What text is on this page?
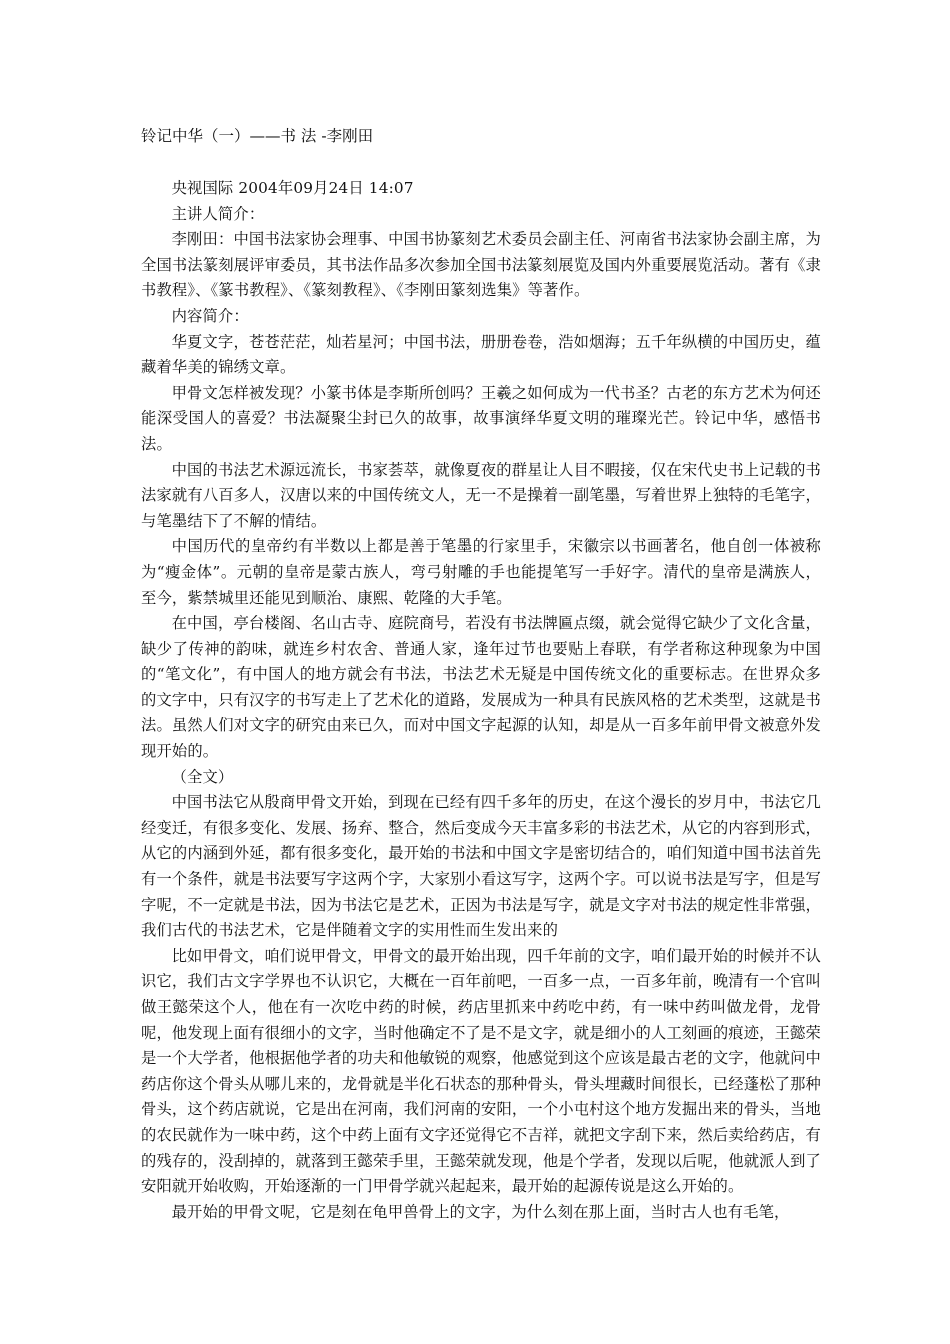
铃记中华（一）——书 法 -李刚田

央视国际 2004年09月24日 14:07

主讲人简介：

李刚田：中国书法家协会理事、中国书协篆刻艺术委员会副主任、河南省书法家协会副主席，为全国书法篆刻展评审委员，其书法作品多次参加全国书法篆刻展览及国内外重要展览活动。著有《隶书教程》、《篆书教程》、《篆刻教程》、《李刚田篆刻选集》等著作。

内容简介：

华夏文字，苍苍茫茫，灿若星河；中国书法，册册卷卷，浩如烟海；五千年纵横的中国历史，蕴藏着华美的锦绣文章。

甲骨文怎样被发现？小篆书体是李斯所创吗？王羲之如何成为一代书圣？古老的东方艺术为何还能深受国人的喜爱？书法凝聚尘封已久的故事，故事演绎华夏文明的璀璨光芒。铃记中华，感悟书法。

中国的书法艺术源远流长，书家荟萃，就像夏夜的群星让人目不暇接，仅在宋代史书上记载的书法家就有八百多人，汉唐以来的中国传统文人，无一不是操着一副笔墨，写着世界上独特的毛笔字，与笔墨结下了不解的情结。

中国历代的皇帝约有半数以上都是善于笔墨的行家里手，宋徽宗以书画著名，他自创一体被称为“瘦金体”。元朝的皇帝是蒙古族人，弯弓射雕的手也能提笔写一手好字。清代的皇帝是满族人，至今，紫禁城里还能见到顺治、康熙、乾隆的大手笔。

在中国，亭台楼阁、名山古寺、庭院商号，若没有书法牌匾点缀，就会觉得它缺少了文化含量，缺少了传神的韵味，就连乡村农舍、普通人家，逢年过节也要贴上春联，有学者称这种现象为中国的“笔文化”，有中国人的地方就会有书法，书法艺术无疑是中国传统文化的重要标志。在世界众多的文字中，只有汉字的书写走上了艺术化的道路，发展成为一种具有民族风格的艺术类型，这就是书法。虽然人们对文字的研究由来已久，而对中国文字起源的认知，却是从一百多年前甲骨文被意外发现开始的。

（全文）

中国书法它从殷商甲骨文开始，到现在已经有四千多年的历史，在这个漫长的岁月中，书法它几经变迁，有很多变化、发展、扬弃、整合，然后变成今天丰富多彩的书法艺术，从它的内容到形式，从它的内涵到外延，都有很多变化，最开始的书法和中国文字是密切结合的，咱们知道中国书法首先有一个条件，就是书法要写字这两个字，大家别小看这写字，这两个字。可以说书法是写字，但是写字呢，不一定就是书法，因为书法它是艺术，正因为书法是写字，就是文字对书法的规定性非常强，我们古代的书法艺术，它是伴随着文字的实用性而生发出来的

比如甲骨文，咱们说甲骨文，甲骨文的最开始出现，四千年前的文字，咱们最开始的时候并不认识它，我们古文字学界也不认识它，大概在一百年前吧，一百多一点，一百多年前，晚清有一个官叫做王懿荣这个人，他在有一次吃中药的时候，药店里抓来中药吃中药，有一味中药叫做龙骨，龙骨呢，他发现上面有很细小的文字，当时他确定不了是不是文字，就是细小的人工刻画的痕迹，王懿荣是一个大学者，他根据他学者的功夫和他敏锐的观察，他感觉到这个应该是最古老的文字，他就问中药店你这个骨头从哪儿来的，龙骨就是半化石状态的那种骨头，骨头埋藏时间很长，已经蓬松了那种骨头，这个药店就说，它是出在河南，我们河南的安阳，一个小屯村这个地方发掘出来的骨头，当地的农民就作为一味中药，这个中药上面有文字还觉得它不吉祥，就把文字刮下来，然后卖给药店，有的残存的，没刮掉的，就落到王懿荣手里，王懿荣就发现，他是个学者，发现以后呢，他就派人到了安阳就开始收购，开始逐渐的一门甲骨学就兴起起来，最开始的起源传说是这么开始的。

最开始的甲骨文呢，它是刻在龟甲兽骨上的文字，为什么刻在那上面，当时古人也有毛笔，
